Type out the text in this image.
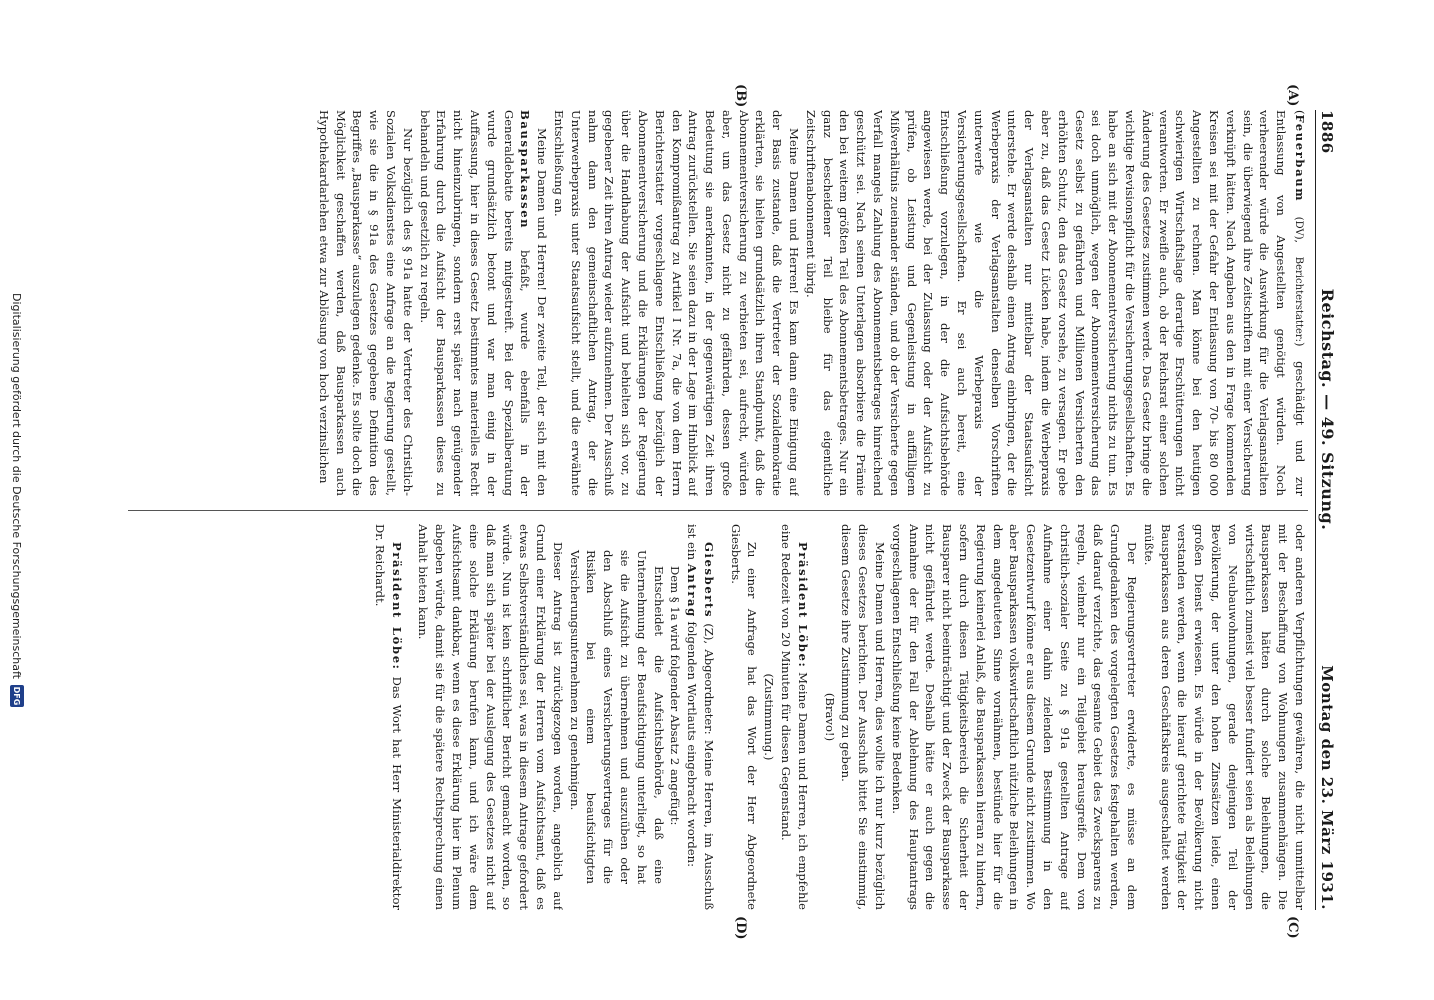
1886
Reichstag. — 49. Sitzung.
Montag den 23. März 1931.
(A)
(B)
(C)
(D)

(Feuerbaum (DV), Berichterstatter:) geschädigt und zur Entlassung von Angestellten genötigt würden. Noch verheerender würde die Auswirkung für die Verlagsanstalten sein, die überwiegend ihre Zeitschriften mit einer Versicherung verknüpft hätten. Nach Angaben aus den in Frage kommenden Kreisen sei mit der Gefahr der Entlassung von 70- bis 80 000 Angestellten zu rechnen. Man könne bei den heutigen schwierigen Wirtschaftslage derartige Erschütterungen nicht verantworten. Er zweifle auch, ob der Reichsrat einer solchen Änderung des Gesetzes zustimmen werde. Das Gesetz bringe die wichtige Revisionspflicht für die Versicherungsgesellschaften. Es habe an sich mit der Abonnementversicherung nichts zu tun. Es sei doch unmöglich, wegen der Abonnementversicherung das Gesetz selbst zu gefährden und Millionen Versicherten den erhöhten Schutz, den das Gesetz vorsehe, zu versagen. Er gebe aber zu, daß das Gesetz Lücken habe, indem die Werbepraxis der Verlagsanstalten nur mittelbar der Staatsaufsicht unterstehe. Er werde deshalb einen Antrag einbringen, der die Werbepraxis der Verlagsanstalten denselben Vorschriften unterwerfe wie die Werbepraxis der Versicherungsgesellschaften. Er sei auch bereit, eine Entschließung vorzulegen, in der die Aufsichtsbehörde angewiesen werde, bei der Zulassung oder der Aufsicht zu prüfen, ob Leistung und Gegenleistung in auffälligem Mißverhältnis zueinander ständen, und ob der Versicherte gegen Verfall mangels Zahlung des Abonnementsbetrages hinreichend geschützt sei. Nach seinen Unterlagen absorbiere die Prämie den bei weitem größten Teil des Abonnementsbetrages. Nur ein ganz bescheidener Teil bleibe für das eigentliche Zeitschriftenabonnement übrig.

Meine Damen und Herren! Es kam dann eine Einigung auf der Basis zustande, daß die Vertreter der Sozialdemokratie erklärten, sie hielten grundsätzlich ihren Standpunkt, daß die Abonnementversicherung zu verbieten sei, aufrecht, würden aber, um das Gesetz nicht zu gefährden, dessen große Bedeutung sie anerkannten, in der gegenwärtigen Zeit ihren Antrag zurückstellen. Sie seien dazu in der Lage im Hinblick auf den Kompromißantrag zu Artikel I Nr. 7a, die von dem Herrn Berichterstatter vorgeschlagene Entschließung bezüglich der Abonnementversicherung und die Erklärungen der Regierung über die Handhabung der Aufsicht und behielten sich vor, zu gegebener Zeit ihren Antrag wieder aufzunehmen. Der Ausschuß nahm dann den gemeinschaftlichen Antrag, der die Unterwerbepraxis unter Staatsaufsicht stellt, und die erwähnte Entschließung an.

Meine Damen und Herren! Der zweite Teil, der sich mit den Bausparkassen befaßt, wurde ebenfalls in der Generaldebatte bereits mitgestreift. Bei der Spezialberatung wurde grundsätzlich betont und war man einig in der Auffassung, hier in dieses Gesetz bestimmtes materielles Recht nicht hineinzubringen, sondern erst später nach genügender Erfahrung durch die Aufsicht der Bausparkassen dieses zu behandeln und gesetzlich zu regeln.

Nur bezüglich des § 91a hatte der Vertreter des Christlich-Sozialen Volksdienstes eine Anfrage an die Regierung gestellt, wie sie die in § 91a des Gesetzes gegebene Definition des Begriffes „Bausparkasse“ auszulegen gedenke. Es sollte doch die Möglichkeit geschaffen werden, daß Bausparkassen auch Hypothekardarlehen etwa zur Ablösung von hoch verzinslichen

oder anderen Verpflichtungen gewähren, die nicht unmittelbar mit der Beschaffung von Wohnungen zusammenhängen. Die Bausparkassen hätten durch solche Beleihungen, die wirtschaftlich zumeist viel besser fundiert seien als Beleihungen von Neubauwohnungen, gerade denjenigen Teil der Bevölkerung, der unter den hohen Zinssätzen leide, einen großen Dienst erwiesen. Es würde in der Bevölkerung nicht verstanden werden, wenn die hierauf gerichtete Tätigkeit der Bausparkassen aus deren Geschäftskreis ausgeschaltet werden müßte.

Der Regierungsvertreter erwiderte, es müsse an dem Grundgedanken des vorgelegten Gesetzes festgehalten werden, daß darauf verzichte, das gesamte Gebiet des Zwecksparens zu regeln, vielmehr nur ein Teilgebiet herausgreife. Dem von christlich-sozialer Seite zu § 91a gestellten Antrage auf Aufnahme einer dahin zielenden Bestimmung in den Gesetzentwurf könne er aus diesem Grunde nicht zustimmen. Wo aber Bausparkassen volkswirtschaftlich nützliche Beleihungen in dem angedeuteten Sinne vornähmen, bestünde hier für die Regierung keinerlei Anlaß, die Bausparkassen hieran zu hindern, sofern durch diesen Tätigkeitsbereich die Sicherheit der Bausparer nicht beeinträchtigt und der Zweck der Bausparkasse nicht gefährdet werde. Deshalb hätte er auch gegen die Annahme der für den Fall der Ablehnung des Hauptantrags vorgeschlagenen Entschließung keine Bedenken.

Meine Damen und Herren, dies wollte ich nur kurz bezüglich dieses Gesetzes berichten. Der Ausschuß bittet Sie einstimmig, diesem Gesetze ihre Zustimmung zu geben.

(Bravo!)

Präsident Löbe: Meine Damen und Herren, ich empfehle eine Redezeit von 20 Minuten für diesen Gegenstand.

(Zustimmung.)

Zu einer Anfrage hat das Wort der Herr Abgeordnete Giesberts.

Giesberts (Z), Abgeordneter: Meine Herren, im Ausschuß ist ein Antrag folgenden Wortlauts eingebracht worden:

Dem § 1a wird folgender Absatz 2 angefügt:

Entscheidet die Aufsichtsbehörde, daß eine Unternehmung der Beaufsichtigung unterliegt, so hat sie die Aufsicht zu übernehmen und auszuüben oder den Abschluß eines Versicherungsvertrages für die Risiken bei einem beaufsichtigten Versicherungsunternehmen zu genehmigen.

Dieser Antrag ist zurückgezogen worden, angeblich auf Grund einer Erklärung der Herren vom Aufsichtsamt, daß es etwas Selbstverständliches sei, was in diesem Antrage gefordert würde. Nun ist kein schriftlicher Bericht gemacht worden, so daß man sich später bei der Auslegung des Gesetzes nicht auf eine solche Erklärung berufen kann, und ich wäre dem Aufsichtsamt dankbar, wenn es diese Erklärung hier im Plenum abgeben würde, damit sie für die spätere Rechtsprechung einen Anhalt bieten kann.

Präsident Löbe: Das Wort hat Herr Ministerialdirektor Dr. Reichardt.

Digitalisierung gefördert durch die Deutsche Forschungsgemeinschaft
DFG
